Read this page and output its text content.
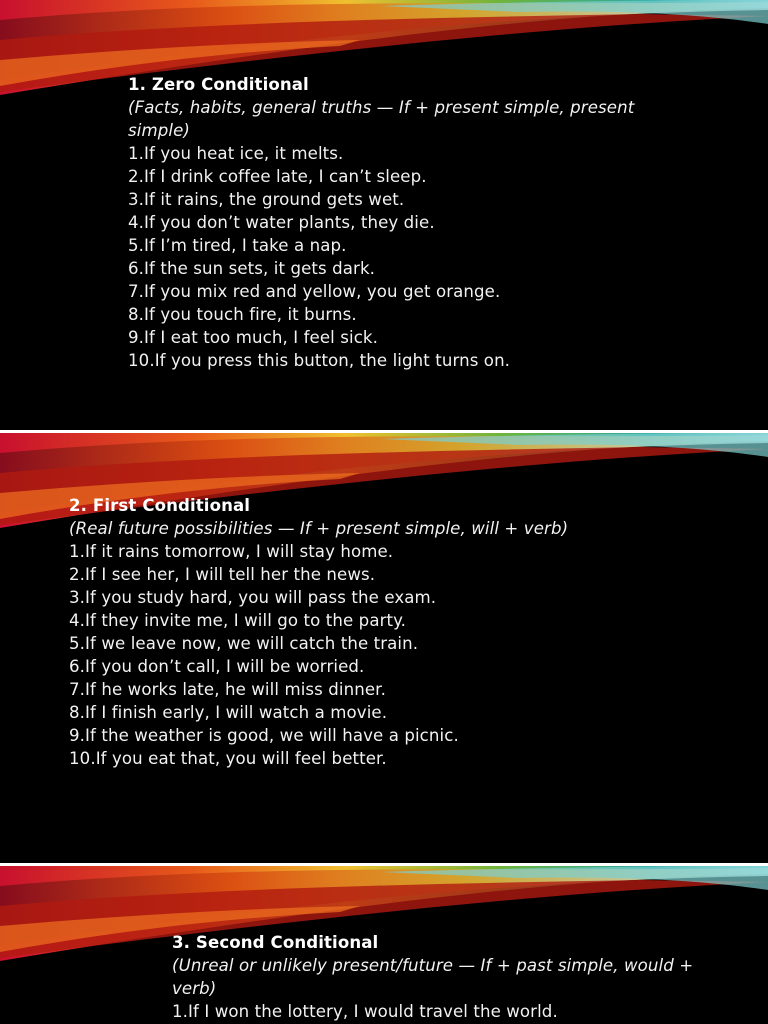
1. Zero Conditional
(Facts, habits, general truths — If + present simple, present simple)
1.If you heat ice, it melts.
2.If I drink coffee late, I can’t sleep.
3.If it rains, the ground gets wet.
4.If you don’t water plants, they die.
5.If I’m tired, I take a nap.
6.If the sun sets, it gets dark.
7.If you mix red and yellow, you get orange.
8.If you touch fire, it burns.
9.If I eat too much, I feel sick.
10.If you press this button, the light turns on.
2. First Conditional
(Real future possibilities — If + present simple, will + verb)
1.If it rains tomorrow, I will stay home.
2.If I see her, I will tell her the news.
3.If you study hard, you will pass the exam.
4.If they invite me, I will go to the party.
5.If we leave now, we will catch the train.
6.If you don’t call, I will be worried.
7.If he works late, he will miss dinner.
8.If I finish early, I will watch a movie.
9.If the weather is good, we will have a picnic.
10.If you eat that, you will feel better.
3. Second Conditional
(Unreal or unlikely present/future — If + past simple, would + verb)
1.If I won the lottery, I would travel the world.
